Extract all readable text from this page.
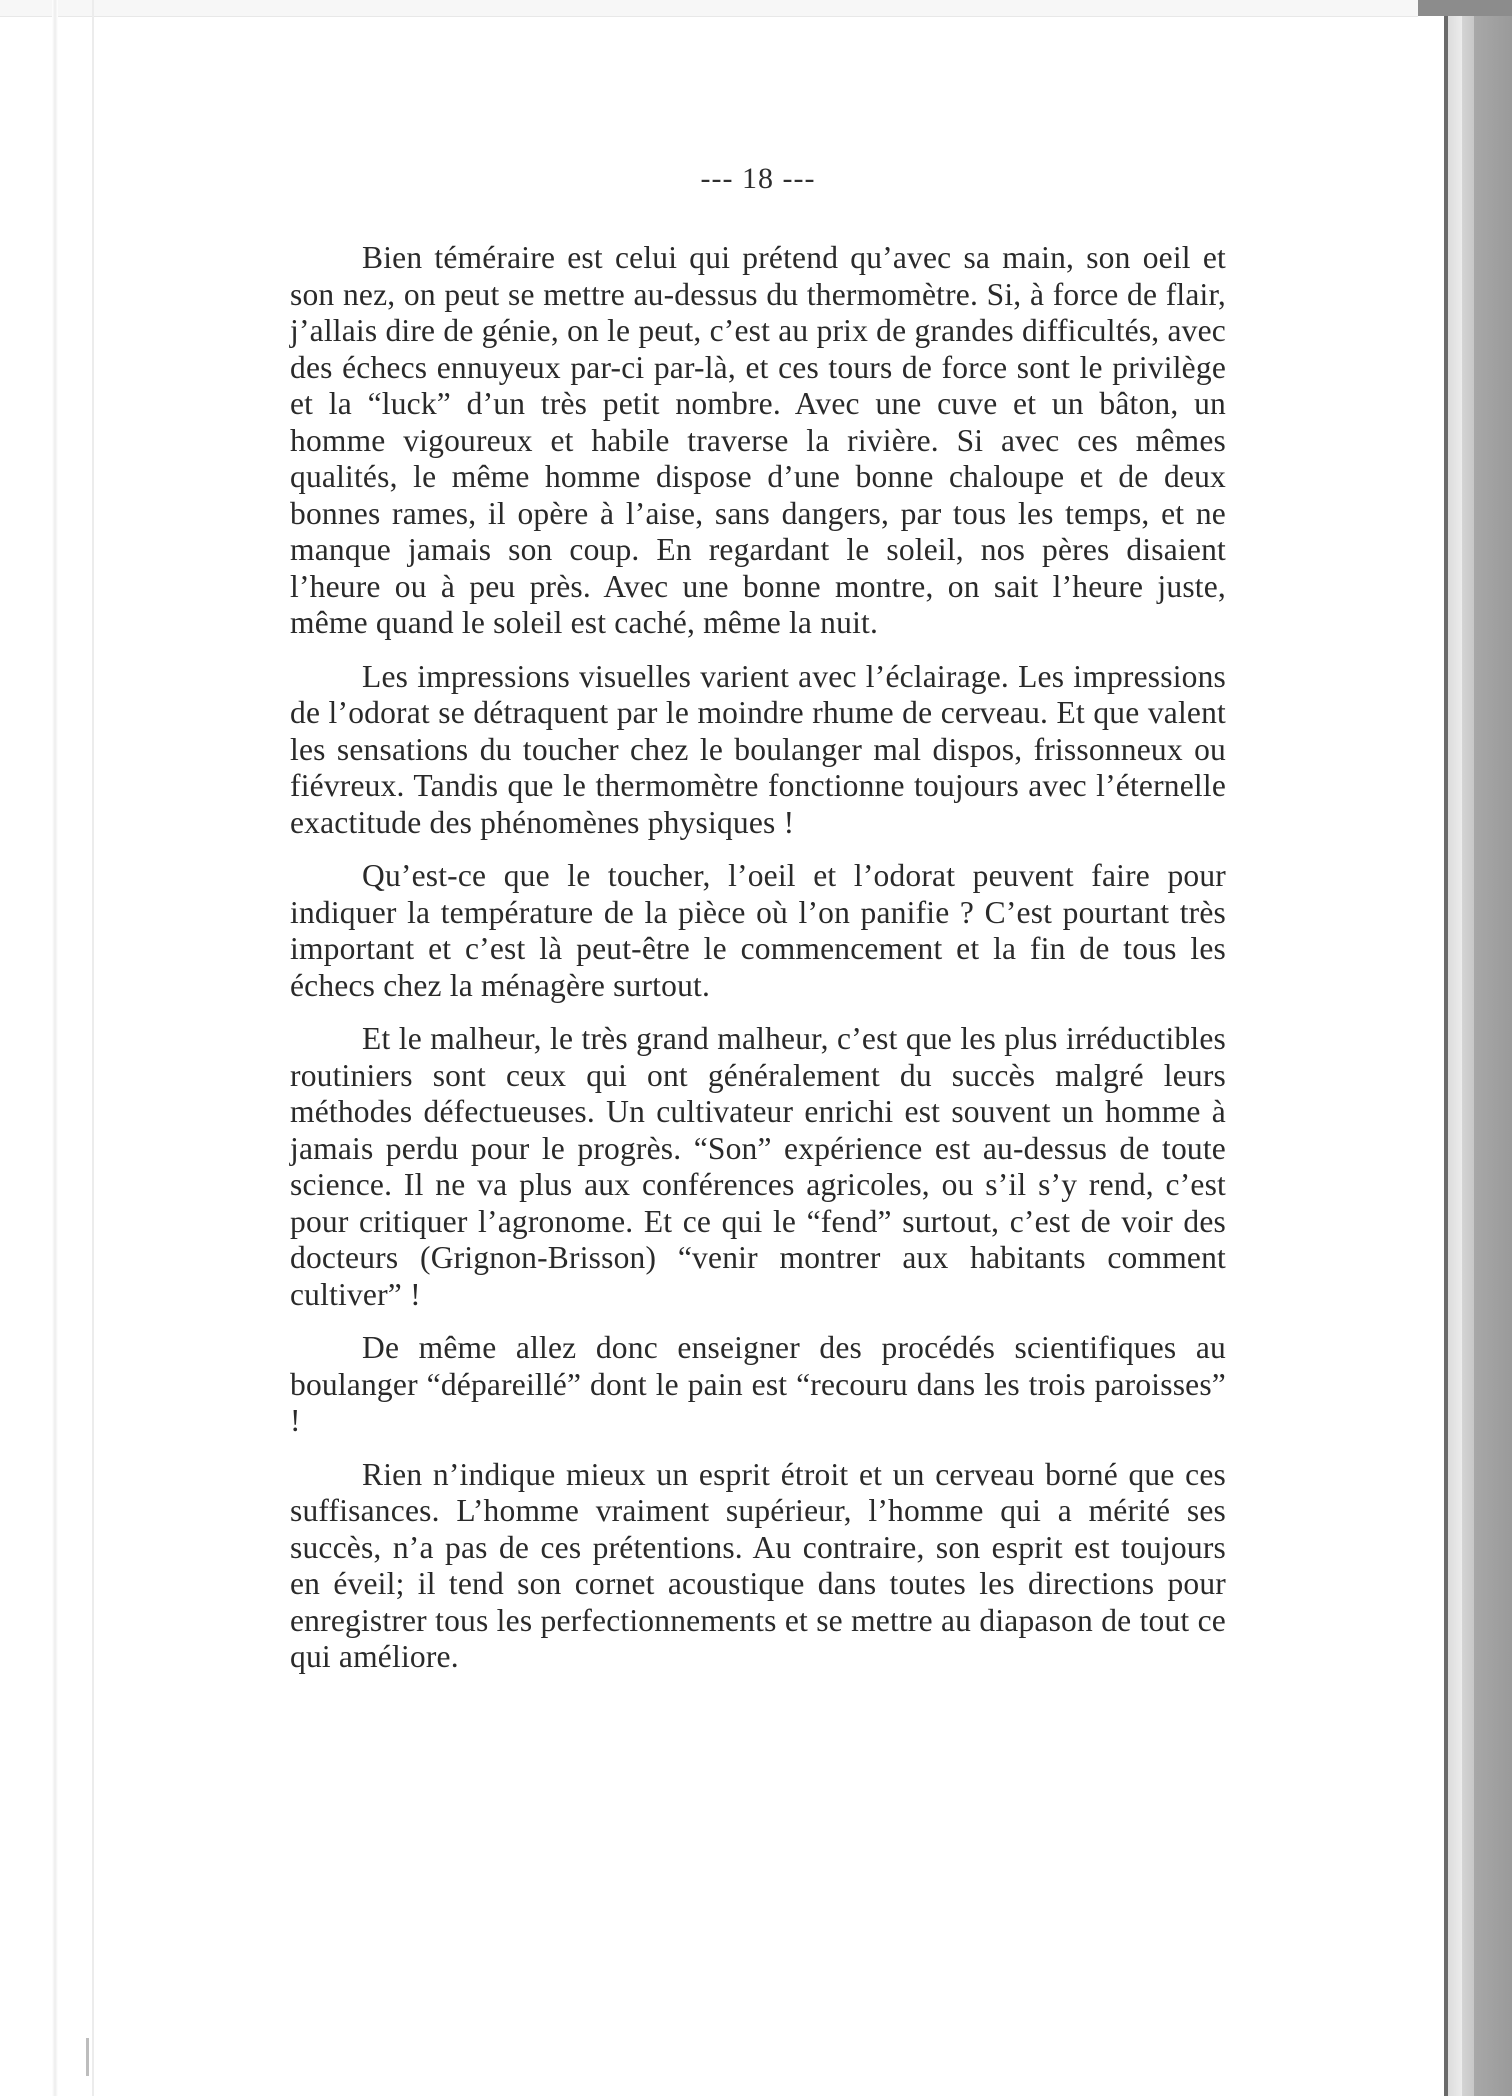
--- 18 ---

Bien téméraire est celui qui prétend qu’avec sa main, son oeil et son nez, on peut se mettre au-dessus du thermomètre. Si, à force de flair, j’allais dire de génie, on le peut, c’est au prix de grandes difficultés, avec des échecs ennuyeux par-ci par-là, et ces tours de force sont le privilège et la “luck” d’un très petit nombre. Avec une cuve et un bâton, un homme vigoureux et habile traverse la rivière. Si avec ces mêmes qualités, le même homme dispose d’une bonne chaloupe et de deux bonnes rames, il opère à l’aise, sans dangers, par tous les temps, et ne manque jamais son coup. En regardant le soleil, nos pères disaient l’heure ou à peu près. Avec une bonne montre, on sait l’heure juste, même quand le soleil est caché, même la nuit.

Les impressions visuelles varient avec l’éclairage. Les impressions de l’odorat se détraquent par le moindre rhume de cerveau. Et que valent les sensations du toucher chez le boulanger mal dispos, frissonneux ou fiévreux. Tandis que le thermomètre fonctionne toujours avec l’éternelle exactitude des phénomènes physiques !

Qu’est-ce que le toucher, l’oeil et l’odorat peuvent faire pour indiquer la température de la pièce où l’on panifie ? C’est pourtant très important et c’est là peut-être le commencement et la fin de tous les échecs chez la ménagère surtout.

Et le malheur, le très grand malheur, c’est que les plus irréductibles routiniers sont ceux qui ont généralement du succès malgré leurs méthodes défectueuses. Un cultivateur enrichi est souvent un homme à jamais perdu pour le progrès. “Son” expérience est au-dessus de toute science. Il ne va plus aux conférences agricoles, ou s’il s’y rend, c’est pour critiquer l’agronome. Et ce qui le “fend” surtout, c’est de voir des docteurs (Grignon-Brisson) “venir montrer aux habitants comment cultiver” !

De même allez donc enseigner des procédés scientifiques au boulanger “dépareillé” dont le pain est “recouru dans les trois paroisses” !

Rien n’indique mieux un esprit étroit et un cerveau borné que ces suffisances. L’homme vraiment supérieur, l’homme qui a mérité ses succès, n’a pas de ces prétentions. Au contraire, son esprit est toujours en éveil; il tend son cornet acoustique dans toutes les directions pour enregistrer tous les perfectionnements et se mettre au diapason de tout ce qui améliore.
